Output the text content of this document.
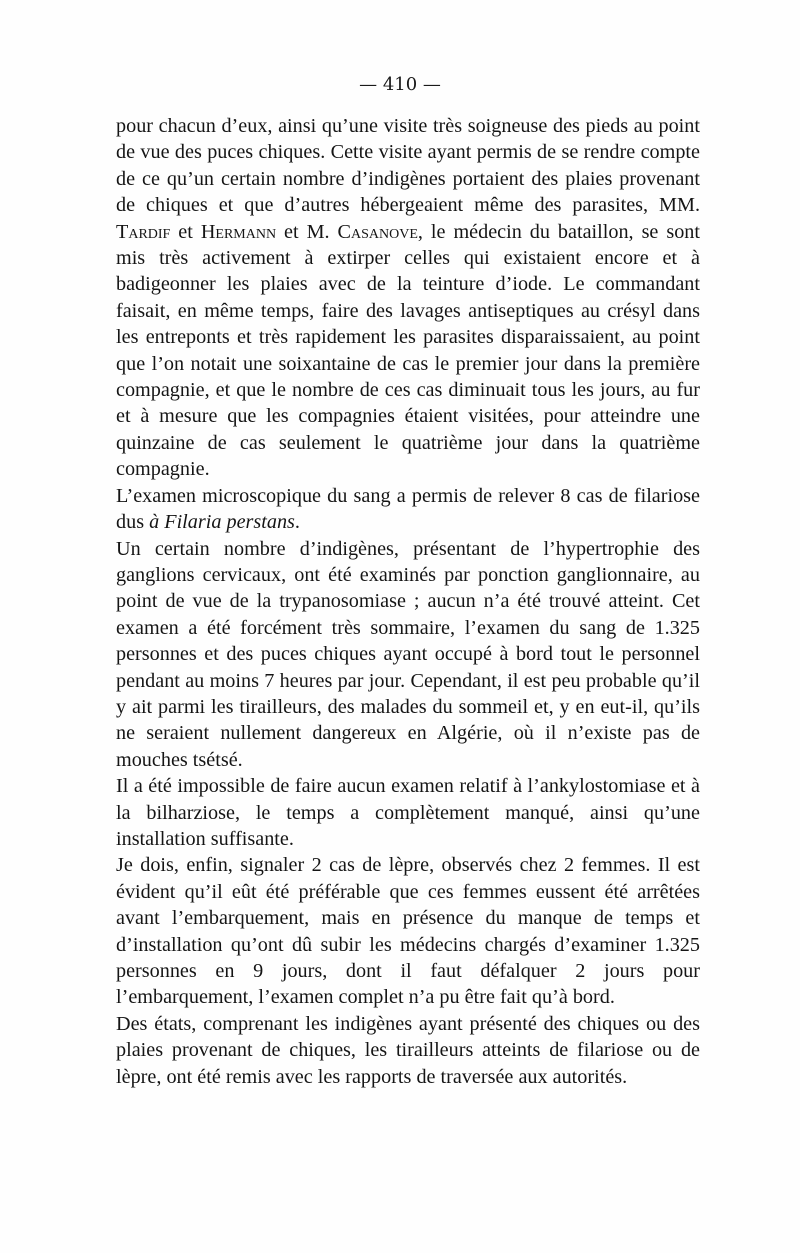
— 410 —

pour chacun d’eux, ainsi qu’une visite très soigneuse des pieds au point de vue des puces chiques. Cette visite ayant permis de se rendre compte de ce qu’un certain nombre d’indigènes portaient des plaies provenant de chiques et que d’autres hébergeaient même des parasites, MM. Tardif et Hermann et M. Casanove, le médecin du bataillon, se sont mis très activement à extirper celles qui existaient encore et à badigeonner les plaies avec de la teinture d’iode. Le commandant faisait, en même temps, faire des lavages antiseptiques au crésyl dans les entreponts et très rapidement les parasites disparaissaient, au point que l’on notait une soixantaine de cas le premier jour dans la première compagnie, et que le nombre de ces cas diminuait tous les jours, au fur et à mesure que les compagnies étaient visitées, pour atteindre une quinzaine de cas seulement le quatrième jour dans la quatrième compagnie.

L’examen microscopique du sang a permis de relever 8 cas de filariose dus à Filaria perstans.

Un certain nombre d’indigènes, présentant de l’hypertrophie des ganglions cervicaux, ont été examinés par ponction ganglionnaire, au point de vue de la trypanosomiase ; aucun n’a été trouvé atteint. Cet examen a été forcément très sommaire, l’examen du sang de 1.325 personnes et des puces chiques ayant occupé à bord tout le personnel pendant au moins 7 heures par jour. Cependant, il est peu probable qu’il y ait parmi les tirailleurs, des malades du sommeil et, y en eut-il, qu’ils ne seraient nullement dangereux en Algérie, où il n’existe pas de mouches tsétsé.

Il a été impossible de faire aucun examen relatif à l’ankylostomiase et à la bilharziose, le temps a complètement manqué, ainsi qu’une installation suffisante.

Je dois, enfin, signaler 2 cas de lèpre, observés chez 2 femmes. Il est évident qu’il eût été préférable que ces femmes eussent été arrêtées avant l’embarquement, mais en présence du manque de temps et d’installation qu’ont dû subir les médecins chargés d’examiner 1.325 personnes en 9 jours, dont il faut défalquer 2 jours pour l’embarquement, l’examen complet n’a pu être fait qu’à bord.

Des états, comprenant les indigènes ayant présenté des chiques ou des plaies provenant de chiques, les tirailleurs atteints de filariose ou de lèpre, ont été remis avec les rapports de traversée aux autorités.
